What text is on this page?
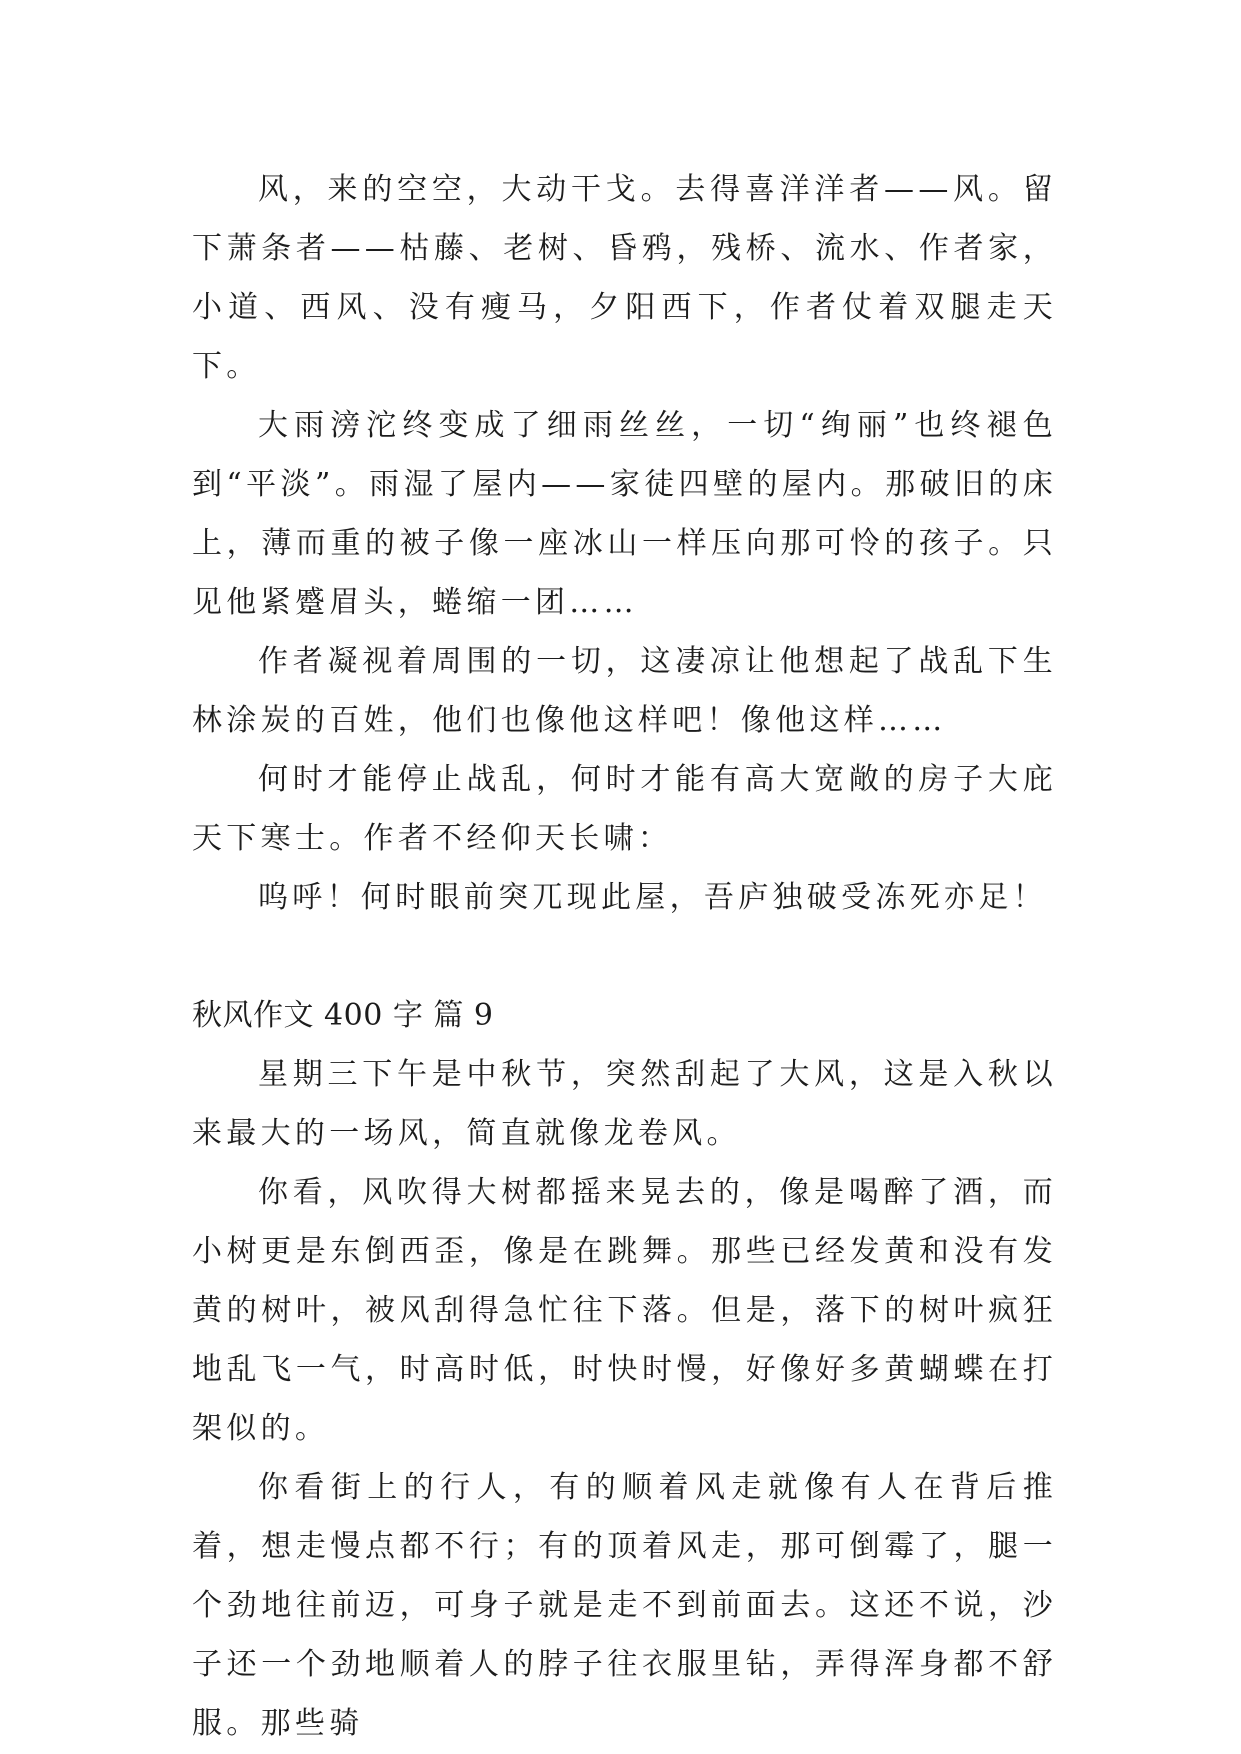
风，来的空空，大动干戈。去得喜洋洋者——风。留下萧条者——枯藤、老树、昏鸦，残桥、流水、作者家，小道、西风、没有瘦马，夕阳西下，作者仗着双腿走天下。

大雨滂沱终变成了细雨丝丝，一切“绚丽”也终褪色到“平淡”。雨湿了屋内——家徒四壁的屋内。那破旧的床上，薄而重的被子像一座冰山一样压向那可怜的孩子。只见他紧蹙眉头，蜷缩一团……

作者凝视着周围的一切，这凄凉让他想起了战乱下生林涂炭的百姓，他们也像他这样吧！像他这样……

何时才能停止战乱，何时才能有高大宽敞的房子大庇天下寒士。作者不经仰天长啸：

呜呼！何时眼前突兀现此屋，吾庐独破受冻死亦足！

秋风作文 400 字 篇 9

星期三下午是中秋节，突然刮起了大风，这是入秋以来最大的一场风，简直就像龙卷风。

你看，风吹得大树都摇来晃去的，像是喝醉了酒，而小树更是东倒西歪，像是在跳舞。那些已经发黄和没有发黄的树叶，被风刮得急忙往下落。但是，落下的树叶疯狂地乱飞一气，时高时低，时快时慢，好像好多黄蝴蝶在打架似的。

你看街上的行人，有的顺着风走就像有人在背后推着，想走慢点都不行；有的顶着风走，那可倒霉了，腿一个劲地往前迈，可身子就是走不到前面去。这还不说，沙子还一个劲地顺着人的脖子往衣服里钻，弄得浑身都不舒服。那些骑
